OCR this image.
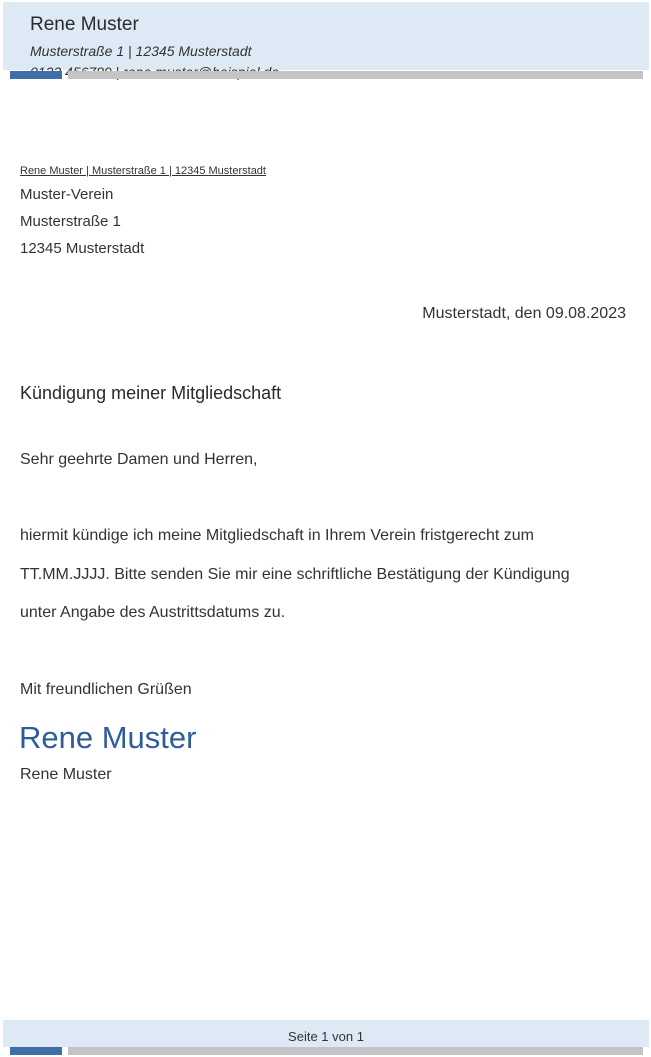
Rene Muster
Musterstraße 1 | 12345 Musterstadt
Rene Muster | Musterstraße 1 | 12345 Musterstadt
Muster-Verein
Musterstraße 1
12345 Musterstadt
Musterstadt, den 09.08.2023
Kündigung meiner Mitgliedschaft
Sehr geehrte Damen und Herren,
hiermit kündige ich meine Mitgliedschaft in Ihrem Verein fristgerecht zum
TT.MM.JJJJ. Bitte senden Sie mir eine schriftliche Bestätigung der Kündigung
unter Angabe des Austrittsdatums zu.
Mit freundlichen Grüßen
Rene Muster
Rene Muster
Seite 1 von 1
